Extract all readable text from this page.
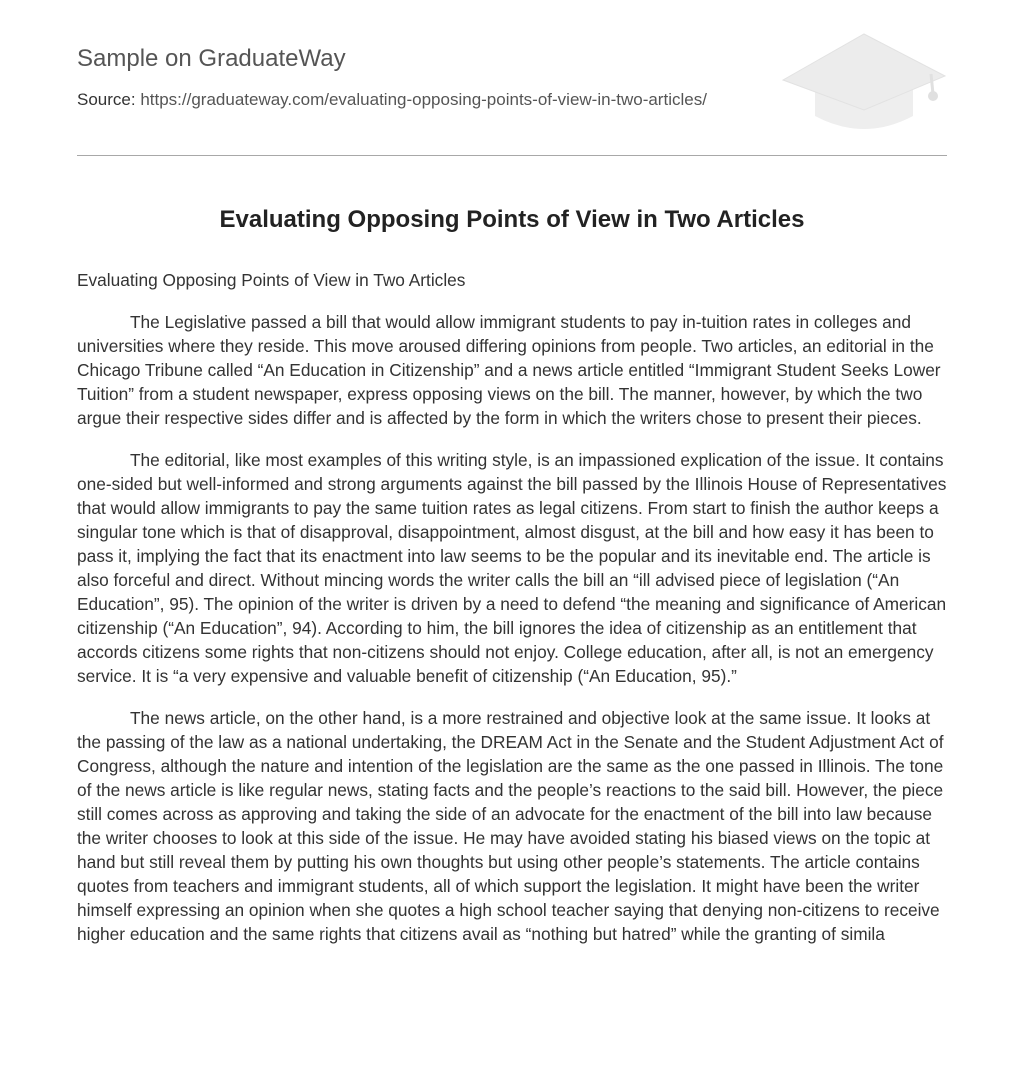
Sample on GraduateWay
Source: https://graduateway.com/evaluating-opposing-points-of-view-in-two-articles/
Evaluating Opposing Points of View in Two Articles

Evaluating Opposing Points of View in Two Articles

The Legislative passed a bill that would allow immigrant students to pay in-tuition rates in colleges and universities where they reside. This move aroused differing opinions from people. Two articles, an editorial in the Chicago Tribune called “An Education in Citizenship” and a news article entitled “Immigrant Student Seeks Lower Tuition” from a student newspaper, express opposing views on the bill. The manner, however, by which the two argue their respective sides differ and is affected by the form in which the writers chose to present their pieces.

The editorial, like most examples of this writing style, is an impassioned explication of the issue. It contains one-sided but well-informed and strong arguments against the bill passed by the Illinois House of Representatives that would allow immigrants to pay the same tuition rates as legal citizens. From start to finish the author keeps a singular tone which is that of disapproval, disappointment, almost disgust, at the bill and how easy it has been to pass it, implying the fact that its enactment into law seems to be the popular and its inevitable end. The article is also forceful and direct. Without mincing words the writer calls the bill an “ill advised piece of legislation (“An Education”, 95). The opinion of the writer is driven by a need to defend “the meaning and significance of American citizenship (“An Education”, 94). According to him, the bill ignores the idea of citizenship as an entitlement that accords citizens some rights that non-citizens should not enjoy. College education, after all, is not an emergency service. It is “a very expensive and valuable benefit of citizenship (“An Education, 95).”

The news article, on the other hand, is a more restrained and objective look at the same issue. It looks at the passing of the law as a national undertaking, the DREAM Act in the Senate and the Student Adjustment Act of Congress, although the nature and intention of the legislation are the same as the one passed in Illinois. The tone of the news article is like regular news, stating facts and the people’s reactions to the said bill. However, the piece still comes across as approving and taking the side of an advocate for the enactment of the bill into law because the writer chooses to look at this side of the issue. He may have avoided stating his biased views on the topic at hand but still reveal them by putting his own thoughts but using other people’s statements. The article contains quotes from teachers and immigrant students, all of which support the legislation. It might have been the writer himself expressing an opinion when she quotes a high school teacher saying that denying non-citizens to receive higher education and the same rights that citizens avail as “nothing but hatred” while the granting of simila
